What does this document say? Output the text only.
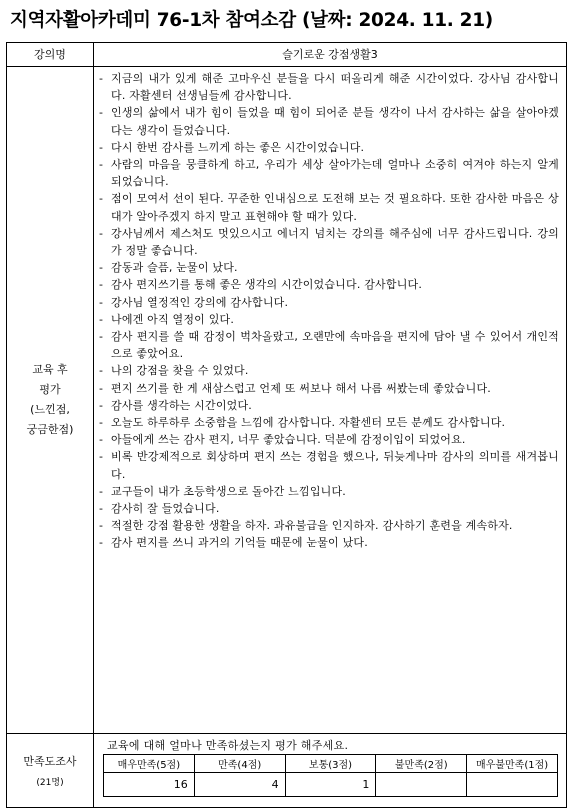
지역자활아카데미 76-1차 참여소감 (날짜: 2024. 11. 21)
강의명	슬기로운 강점생활3
교육 후
평가
(느낀점,
궁금한점)
- 지금의 내가 있게 해준 고마우신 분들을 다시 떠올리게 해준 시간이었다. 강사님 감사합니다. 자활센터 선생님들께 감사합니다.
- 인생의 삶에서 내가 힘이 들었을 때 힘이 되어준 분들 생각이 나서 감사하는 삶을 살아야겠다는 생각이 들었습니다.
- 다시 한번 감사를 느끼게 하는 좋은 시간이었습니다.
- 사람의 마음을 뭉클하게 하고, 우리가 세상 살아가는데 얼마나 소중히 여겨야 하는지 알게 되었습니다.
- 점이 모여서 선이 된다. 꾸준한 인내심으로 도전해 보는 것 필요하다. 또한 감사한 마음은 상대가 알아주겠지 하지 말고 표현해야 할 때가 있다.
- 강사님께서 제스처도 멋있으시고 에너지 넘치는 강의를 해주심에 너무 감사드립니다. 강의가 정말 좋습니다.
- 감동과 슬픔, 눈물이 났다.
- 감사 편지쓰기를 통해 좋은 생각의 시간이었습니다. 감사합니다.
- 강사님 열정적인 강의에 감사합니다.
- 나에겐 아직 열정이 있다.
- 감사 편지를 쓸 때 감정이 벅차올랐고, 오랜만에 속마음을 편지에 담아 낼 수 있어서 개인적으로 좋았어요.
- 나의 강점을 찾을 수 있었다.
- 편지 쓰기를 한 게 새삼스럽고 언제 또 써보나 해서 나름 써봤는데 좋았습니다.
- 감사를 생각하는 시간이었다.
- 오늘도 하루하루 소중함을 느낌에 감사합니다. 자활센터 모든 분께도 감사합니다.
- 아들에게 쓰는 감사 편지, 너무 좋았습니다. 덕분에 감정이입이 되었어요.
- 비록 반강제적으로 회상하며 편지 쓰는 경험을 했으나, 뒤늦게나마 감사의 의미를 새겨봅니다.
- 교구들이 내가 초등학생으로 돌아간 느낌입니다.
- 감사히 잘 들었습니다.
- 적절한 강점 활용한 생활을 하자. 과유불급을 인지하자. 감사하기 훈련을 계속하자.
- 감사 편지를 쓰니 과거의 기억들 때문에 눈물이 났다.
만족도조사
(21명)
교육에 대해 얼마나 만족하셨는지 평가 해주세요.
매우만족(5점)	만족(4점)	보통(3점)	불만족(2점)	매우불만족(1점)
16	4	1		
